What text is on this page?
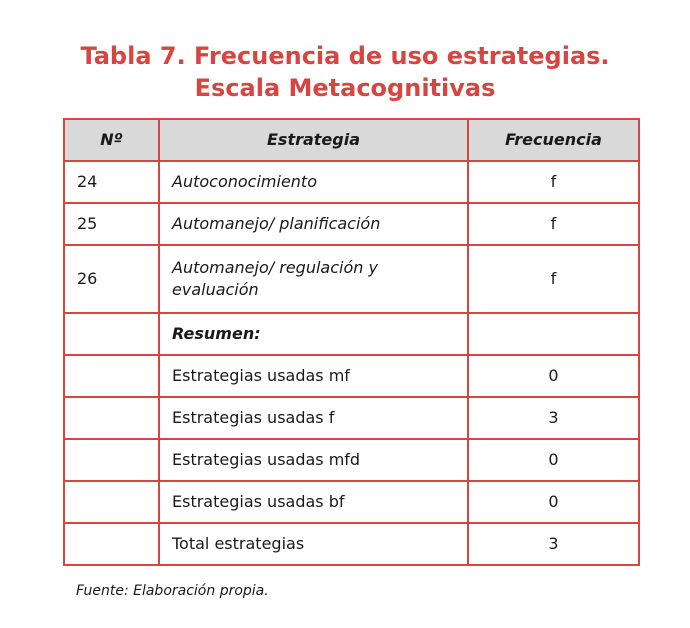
Tabla 7. Frecuencia de uso estrategias.
Escala Metacognitivas
Nº	Estrategia	Frecuencia
24	Autoconocimiento	f
25	Automanejo/ planificación	f
26	Automanejo/ regulación y evaluación	f
	Resumen:	
	Estrategias usadas mf	0
	Estrategias usadas f	3
	Estrategias usadas mfd	0
	Estrategias usadas bf	0
	Total estrategias	3
Fuente: Elaboración propia.
